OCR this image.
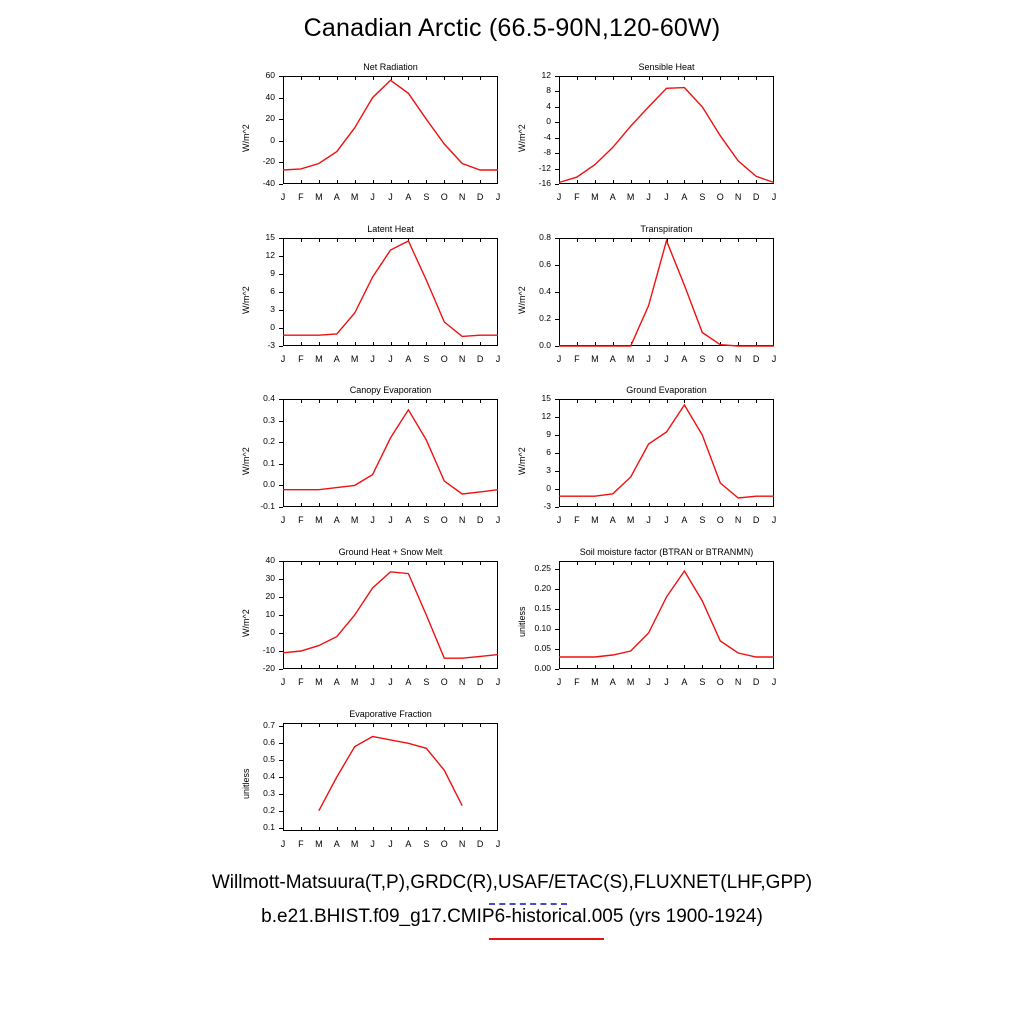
Canadian Arctic (66.5-90N,120-60W)
Net Radiation
-40
-20
0
20
40
60
J	F	M	A	M	J	J	A	S	O	N	D	J
W/m^2
Sensible Heat
-16
-12
-8
-4
0
4
8
12
J	F	M	A	M	J	J	A	S	O	N	D	J
W/m^2
Latent Heat
-3
0
3
6
9
12
15
J	F	M	A	M	J	J	A	S	O	N	D	J
W/m^2
Transpiration
0.0
0.2
0.4
0.6
0.8
J	F	M	A	M	J	J	A	S	O	N	D	J
W/m^2
Canopy Evaporation
-0.1
0.0
0.1
0.2
0.3
0.4
J	F	M	A	M	J	J	A	S	O	N	D	J
W/m^2
Ground Evaporation
-3
0
3
6
9
12
15
J	F	M	A	M	J	J	A	S	O	N	D	J
W/m^2
Ground Heat + Snow Melt
-20
-10
0
10
20
30
40
J	F	M	A	M	J	J	A	S	O	N	D	J
W/m^2
Soil moisture factor (BTRAN or BTRANMN)
0.00
0.05
0.10
0.15
0.20
0.25
J	F	M	A	M	J	J	A	S	O	N	D	J
unitless
Evaporative Fraction
0.1
0.2
0.3
0.4
0.5
0.6
0.7
J	F	M	A	M	J	J	A	S	O	N	D	J
unitless
Willmott-Matsuura(T,P),GRDC(R),USAF/ETAC(S),FLUXNET(LHF,GPP)
b.e21.BHIST.f09_g17.CMIP6-historical.005 (yrs 1900-1924)
